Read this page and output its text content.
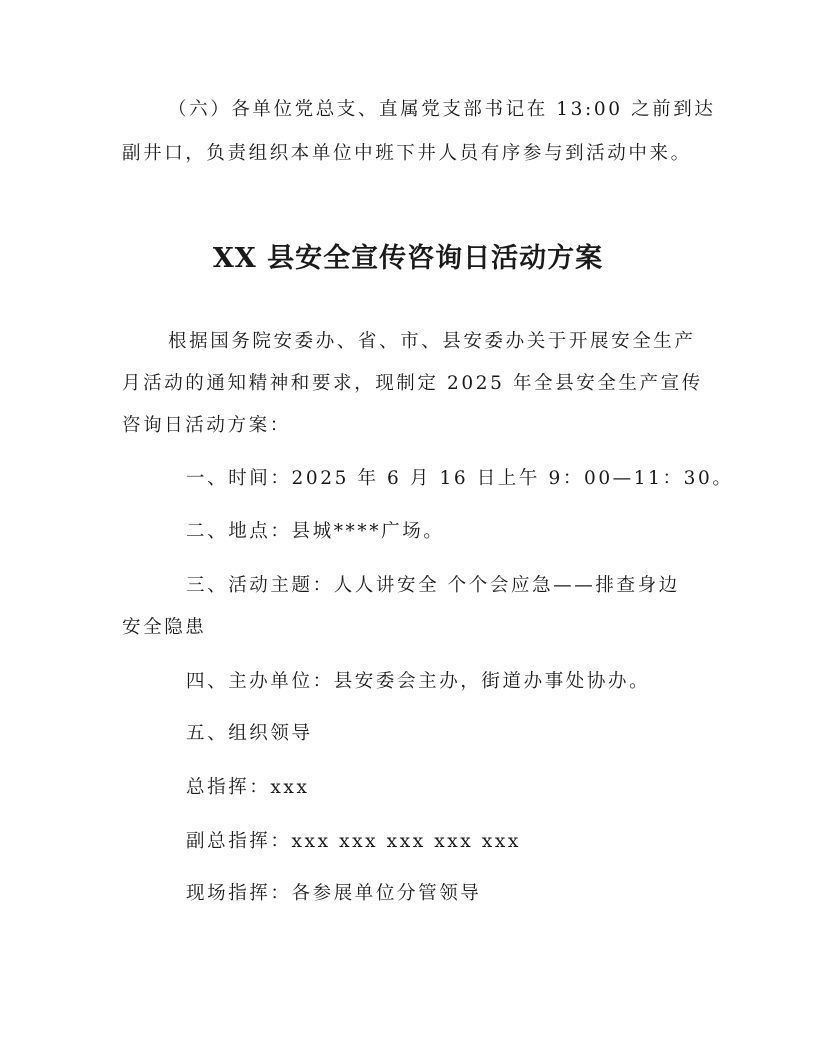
（六）各单位党总支、直属党支部书记在 13:00 之前到达
副井口，负责组织本单位中班下井人员有序参与到活动中来。
XX 县安全宣传咨询日活动方案
根据国务院安委办、省、市、县安委办关于开展安全生产
月活动的通知精神和要求，现制定 2025 年全县安全生产宣传
咨询日活动方案：
一、时间：2025 年 6 月 16 日上午 9：00—11：30。
二、地点：县城****广场。
三、活动主题：人人讲安全 个个会应急——排查身边
安全隐患
四、主办单位：县安委会主办，街道办事处协办。
五、组织领导
总指挥：xxx
副总指挥：xxx xxx xxx xxx xxx
现场指挥：各参展单位分管领导
